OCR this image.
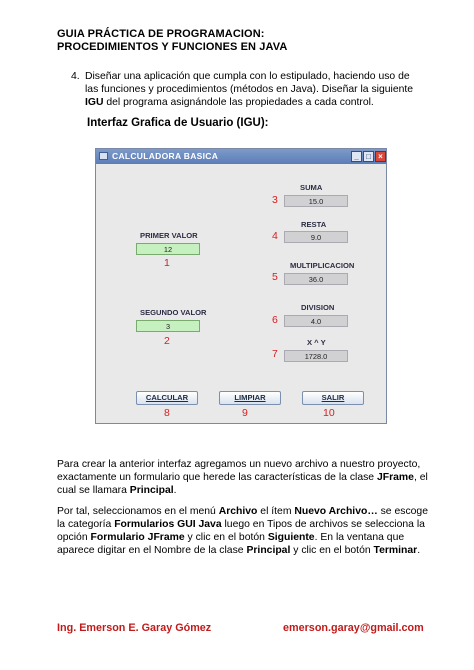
GUIA PRÁCTICA DE PROGRAMACION:
PROCEDIMIENTOS Y FUNCIONES EN JAVA
4. Diseñar una aplicación que cumpla con lo estipulado, haciendo uso de las funciones y procedimientos (métodos en Java). Diseñar la siguiente IGU del programa asignándole las propiedades a cada control.
Interfaz Grafica de Usuario (IGU):
CALCULADORA BASICA	_ □ ×
PRIMER VALOR
12
1
SEGUNDO VALOR
3
2
SUMA
15.0
3
RESTA
9.0
4
MULTIPLICACION
36.0
5
DIVISION
4.0
6
X ^ Y
1728.0
7
CALCULAR	LIMPIAR	SALIR
8	9	10
Para crear la anterior interfaz agregamos un nuevo archivo a nuestro proyecto, exactamente un formulario que herede las características de la clase JFrame, el cual se llamara Principal.
Por tal, seleccionamos en el menú Archivo el ítem Nuevo Archivo… se escoge la categoría Formularios GUI Java luego en Tipos de archivos se selecciona la opción Formulario JFrame y clic en el botón Siguiente. En la ventana que aparece digitar en el Nombre de la clase Principal y clic en el botón Terminar.
Ing. Emerson E. Garay Gómez	emerson.garay@gmail.com
